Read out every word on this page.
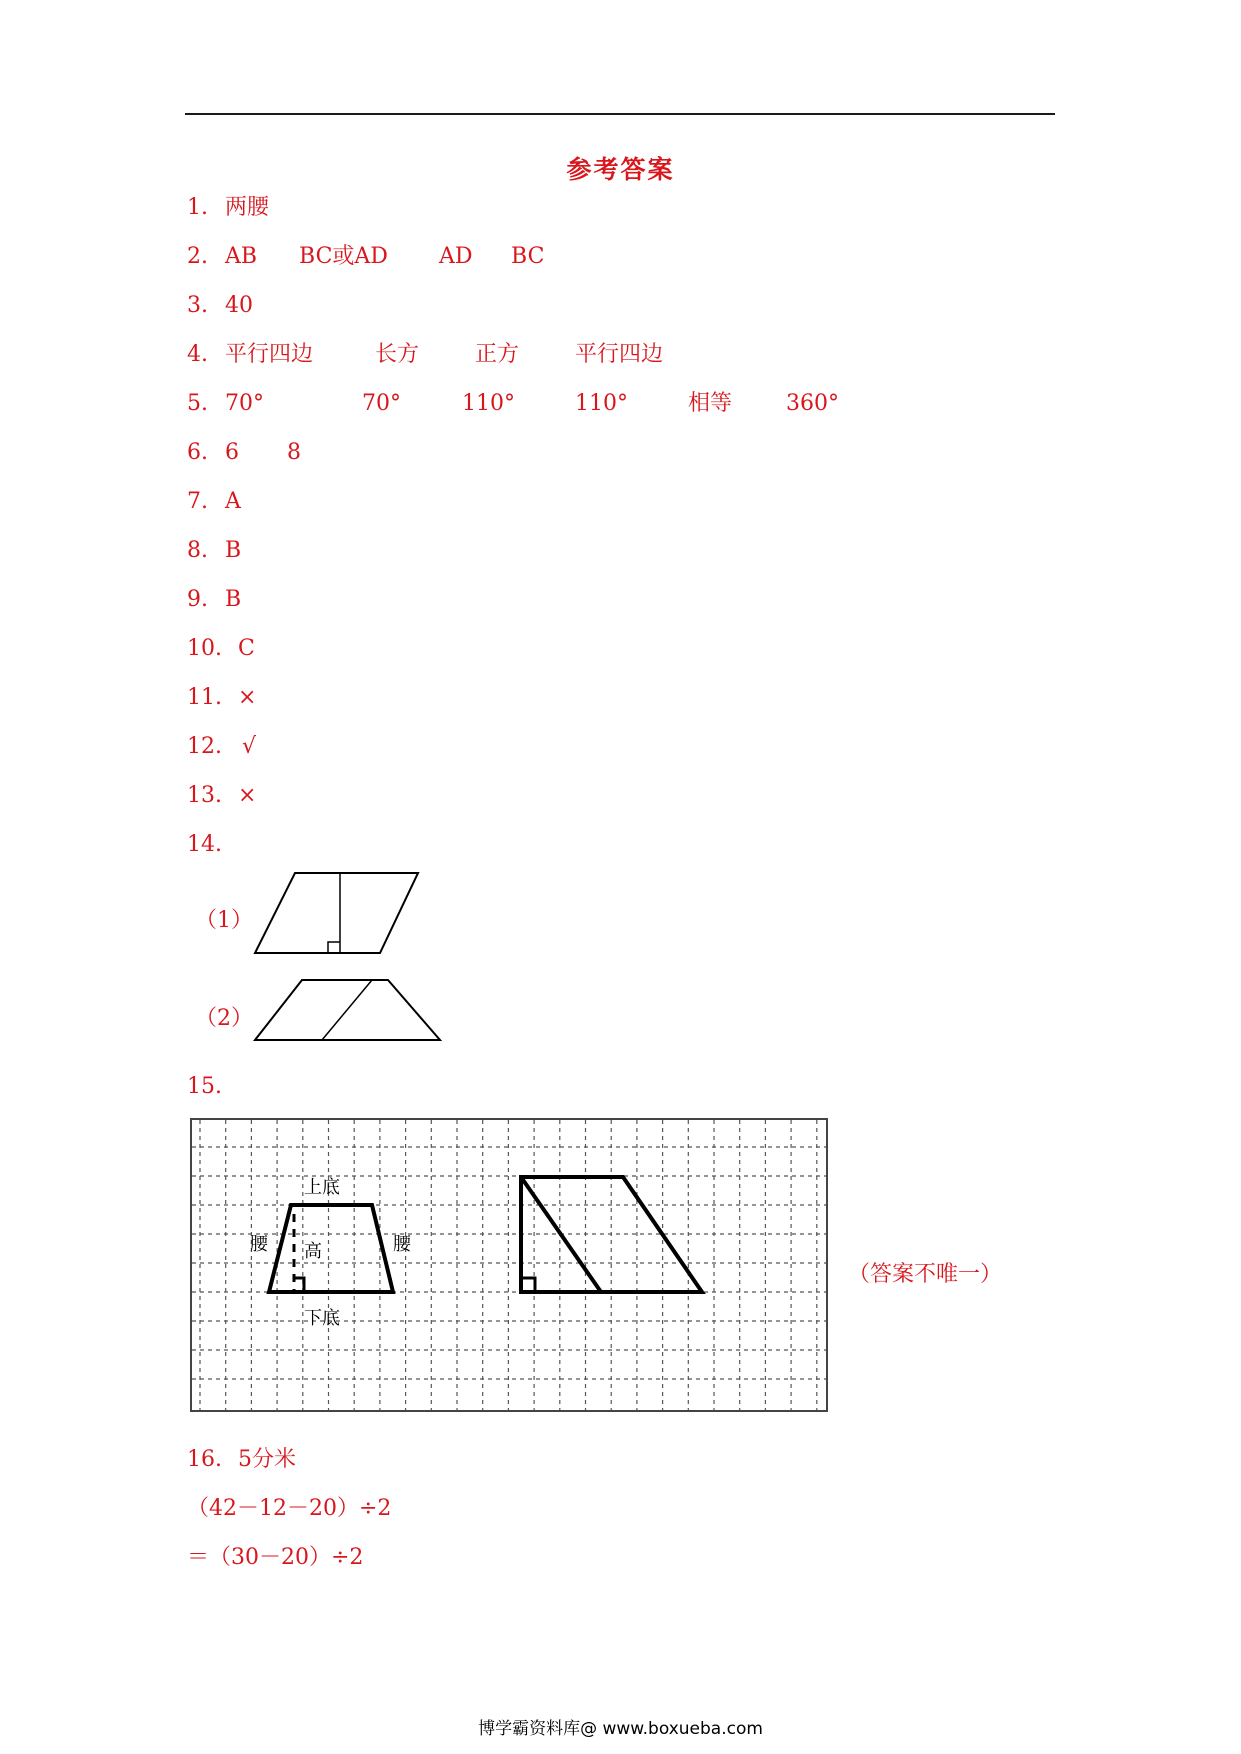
参考答案
1. 两腰
2. AB BC或AD AD BC
3. 40
4. 平行四边	长方	正方	平行四边
5. 70°	70°	110°	110°	相等 360°
6. 6 8
7. A
8. B
9. B
10. C
11. ×
12. √
13. ×
14.
（1）
（2）
15.
上底
腰	腰
高
下底
（答案不唯一）
16. 5分米
（42－12－20）÷2
＝（30－20）÷2
博学霸资料库@ www.boxueba.com
